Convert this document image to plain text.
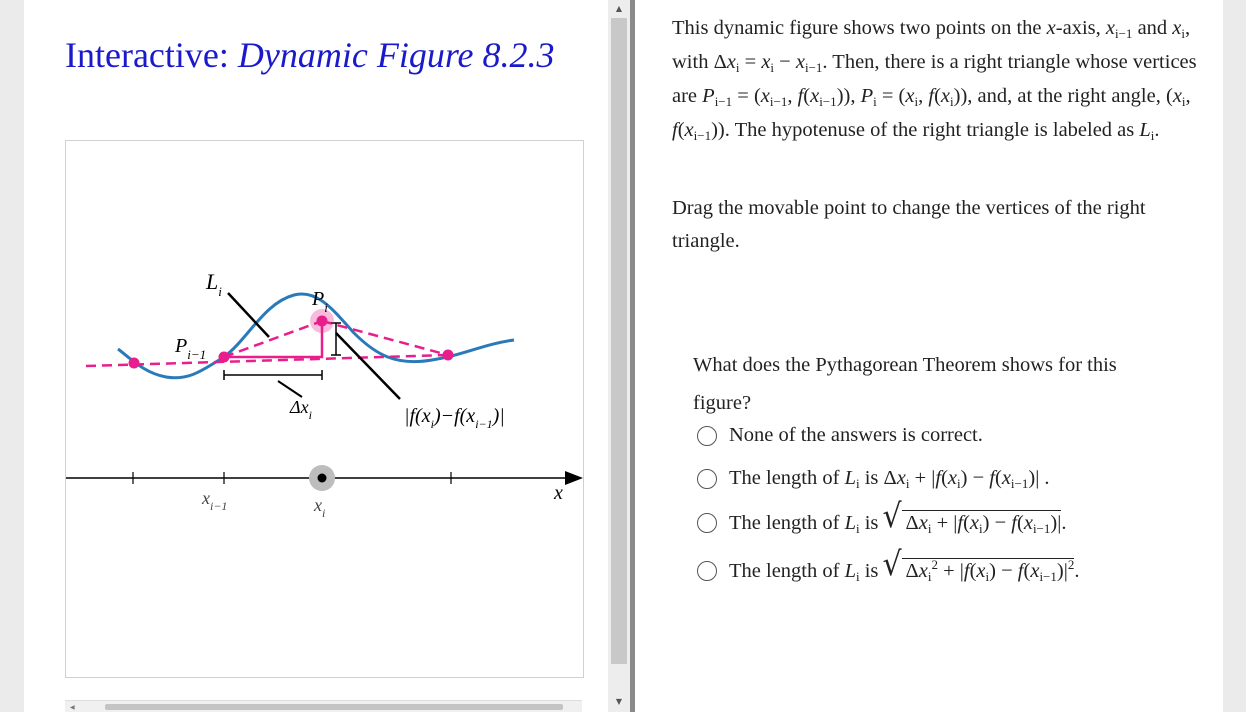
Interactive: Dynamic Figure 8.2.3
$L_i$	$P_i$
$P_{i-1}$
$\Delta x_i$	$|f(x_i)-f(x_{i-1})|$
$x_{i-1}$	$x_i$
x
◀
▲
▼

This dynamic figure shows two points on the x-axis, $x_{i-1}$ and $x_i$, with $\Delta x_i = x_i - x_{i-1}$. Then, there is a right triangle whose vertices are $P_{i-1} = (x_{i-1}$, $f(x_{i-1})$), $P_i = (x_i$, $f(x_i)$), and, at the right angle, ($x_i$, $f(x_{i-1})$). The hypotenuse of the right triangle is labeled as $L_i$.

Drag the movable point to change the vertices of the right triangle.

What does the Pythagorean Theorem shows for this figure?

None of the answers is correct.
The length of $L_i$ is $\Delta x_i + |f(x_i) - f(x_{i-1})|$ .
The length of $L_i$ is √ $\Delta x_i + |f(x_i) - f(x_{i-1})|$.
The length of $L_i$ is √ $\Delta x_i^2 + |f(x_i) - f(x_{i-1})|^2$.
